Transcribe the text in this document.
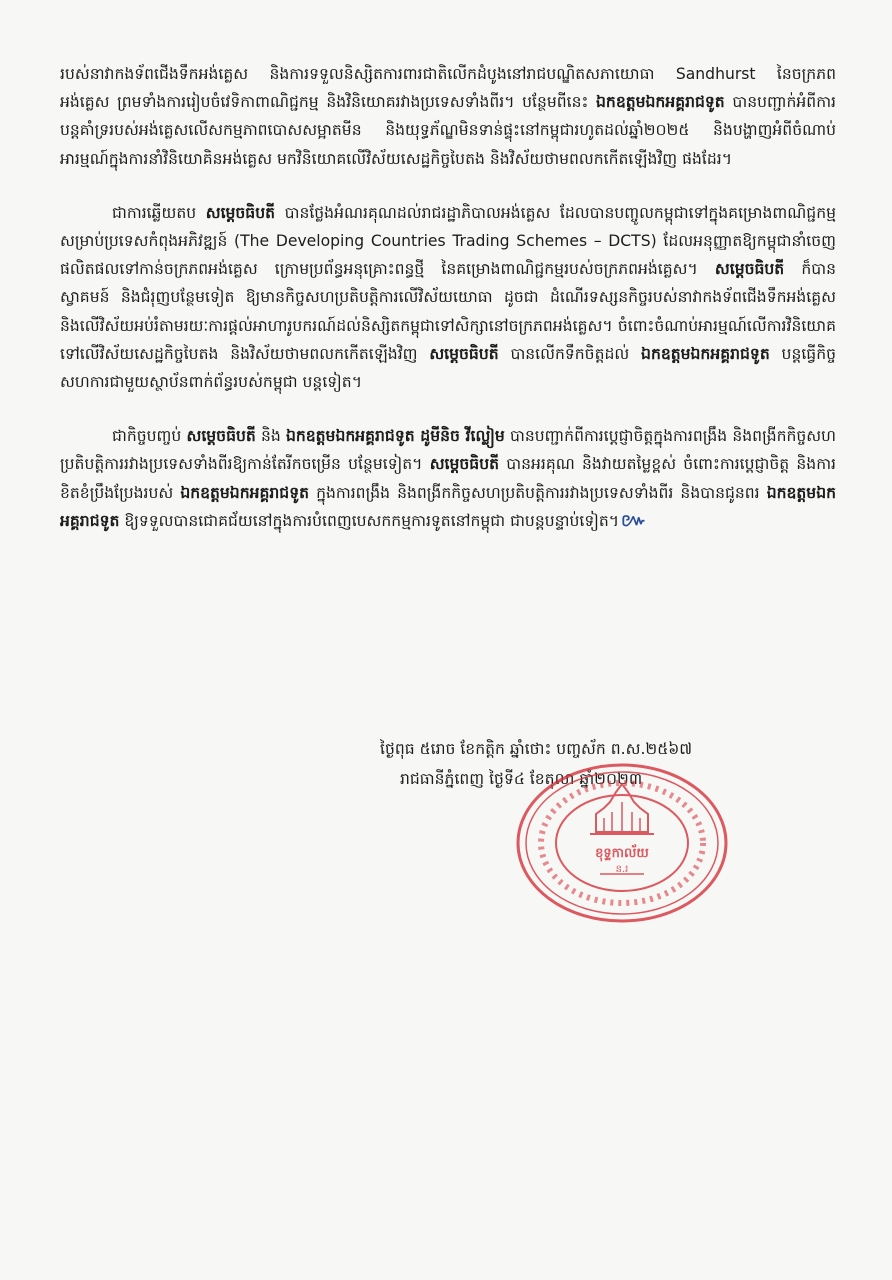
របស់នាវាកងទ័ពជើងទឹកអង់គ្លេស និងការទទួលនិស្សិតការពារជាតិលើកដំបូងនៅរាជបណ្ឌិតសភាយោធា Sandhurst នៃចក្រភពអង់គ្លេស ព្រមទាំងការរៀបចំវេទិកាពាណិជ្ជកម្ម និងវិនិយោគរវាងប្រទេសទាំងពីរ។ បន្ថែមពីនេះ ឯកឧត្តមឯកអគ្គរាជទូត បានបញ្ជាក់អំពីការបន្តគាំទ្ររបស់អង់គ្លេសលើសកម្មភាពបោសសម្អាតមីន និងយុទ្ធភ័ណ្ឌមិនទាន់ផ្ទុះនៅកម្ពុជារហូតដល់ឆ្នាំ២០២៥ និងបង្ហាញអំពីចំណាប់អារម្មណ៍ក្នុងការនាំវិនិយោគិនអង់គ្លេស មកវិនិយោគលើវិស័យសេដ្ឋកិច្ចបៃតង និងវិស័យថាមពលកកើតឡើងវិញ ផងដែរ។

ជាការឆ្លើយតប សម្ដេចធិបតី បានថ្លែងអំណរគុណដល់រាជរដ្ឋាភិបាលអង់គ្លេស ដែលបានបញ្ចូលកម្ពុជាទៅក្នុងគម្រោងពាណិជ្ជកម្មសម្រាប់ប្រទេសកំពុងអភិវឌ្ឍន៍ (The Developing Countries Trading Schemes – DCTS) ដែលអនុញ្ញាតឱ្យកម្ពុជានាំចេញផលិតផលទៅកាន់ចក្រភពអង់គ្លេស ក្រោមប្រព័ន្ធអនុគ្រោះពន្ធថ្មី នៃគម្រោងពាណិជ្ជកម្មរបស់ចក្រភពអង់គ្លេស។ សម្ដេចធិបតី ក៏បានស្វាគមន៍ និងជំរុញបន្ថែមទៀត ឱ្យមានកិច្ចសហប្រតិបត្តិការលើវិស័យយោធា ដូចជា ដំណើរទស្សនកិច្ចរបស់នាវាកងទ័ពជើងទឹកអង់គ្លេស និងលើវិស័យអប់រំតាមរយៈការផ្ដល់អាហារូបករណ៍ដល់និស្សិតកម្ពុជាទៅសិក្សានៅចក្រភពអង់គ្លេស។ ចំពោះចំណាប់អារម្មណ៍លើការវិនិយោគទៅលើវិស័យសេដ្ឋកិច្ចបៃតង និងវិស័យថាមពលកកើតឡើងវិញ សម្ដេចធិបតី បានលើកទឹកចិត្តដល់ ឯកឧត្តមឯកអគ្គរាជទូត បន្តធ្វើកិច្ចសហការជាមួយស្ថាប័នពាក់ព័ន្ធរបស់កម្ពុជា បន្តទៀត។

ជាកិច្ចបញ្ចប់ សម្ដេចធិបតី និង ឯកឧត្តមឯកអគ្គរាជទូត ដូមីនិច វីល្លៀម បានបញ្ជាក់ពីការប្ដេជ្ញាចិត្តក្នុងការពង្រឹង និងពង្រីកកិច្ចសហប្រតិបត្តិការរវាងប្រទេសទាំងពីរឱ្យកាន់តែរីកចម្រើន បន្ថែមទៀត។ សម្ដេចធិបតី បានអរគុណ និងវាយតម្លៃខ្ពស់ ចំពោះការប្ដេជ្ញាចិត្ត និងការខិតខំប្រឹងប្រែងរបស់ ឯកឧត្តមឯកអគ្គរាជទូត ក្នុងការពង្រឹង និងពង្រីកកិច្ចសហប្រតិបត្តិការរវាងប្រទេសទាំងពីរ និងបានជូនពរ ឯកឧត្តមឯកអគ្គរាជទូត ឱ្យទទួលបានជោគជ័យនៅក្នុងការបំពេញបេសកកម្មការទូតនៅកម្ពុជា ជាបន្តបន្ទាប់ទៀត។ ៚

ថ្ងៃពុធ ៥រោច ខែកត្ដិក ឆ្នាំថោះ បញ្ចស័ក ព.ស.២៥៦៧
រាជធានីភ្នំពេញ ថ្ងៃទី៤ ខែតុលា ឆ្នាំ២០២៣
ខុទ្ទកាល័យ
ន.រ
